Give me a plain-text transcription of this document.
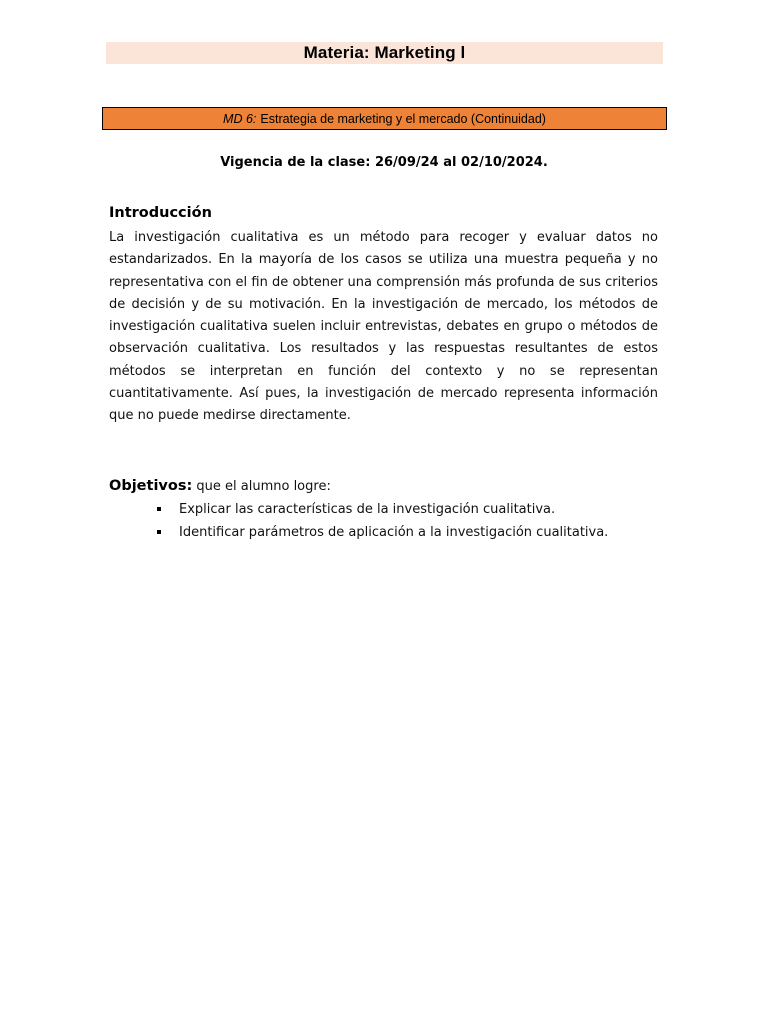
Materia: Marketing l
MD 6: Estrategia de marketing y el mercado (Continuidad)
Vigencia de la clase: 26/09/24 al 02/10/2024.
Introducción
La investigación cualitativa es un método para recoger y evaluar datos no estandarizados. En la mayoría de los casos se utiliza una muestra pequeña y no representativa con el fin de obtener una comprensión más profunda de sus criterios de decisión y de su motivación. En la investigación de mercado, los métodos de investigación cualitativa suelen incluir entrevistas, debates en grupo o métodos de observación cualitativa. Los resultados y las respuestas resultantes de estos métodos se interpretan en función del contexto y no se representan cuantitativamente. Así pues, la investigación de mercado representa información que no puede medirse directamente.
Objetivos: que el alumno logre:
Explicar las características de la investigación cualitativa.
Identificar parámetros de aplicación a la investigación cualitativa.
